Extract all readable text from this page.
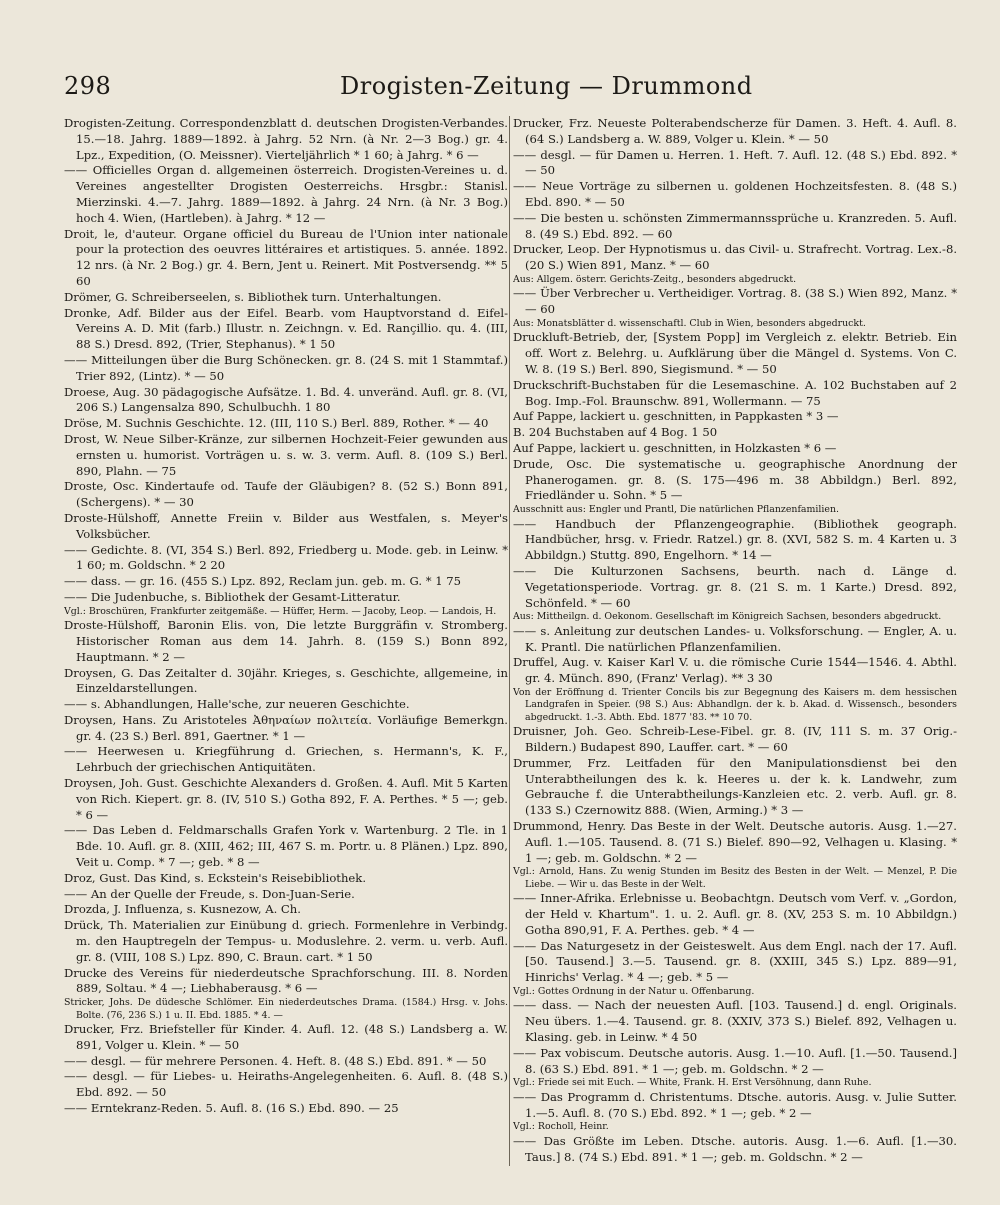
298	Drogisten-Zeitung — Drummond

Drogisten-Zeitung. Correspondenzblatt d. deutschen Drogisten-Verbandes. 15.—18. Jahrg. 1889—1892. à Jahrg. 52 Nrn. (à Nr. 2—3 Bog.) gr. 4. Lpz., Expedition, (O. Meissner). Vierteljährlich * 1 60; à Jahrg. * 6 —

—— Officielles Organ d. allgemeinen österreich. Drogisten-Vereines u. d. Vereines angestellter Drogisten Oesterreichs. Hrsgbr.: Stanisl. Mierzinski. 4.—7. Jahrg. 1889—1892. à Jahrg. 24 Nrn. (à Nr. 3 Bog.) hoch 4. Wien, (Hartleben). à Jahrg. * 12 —

Droit, le, d'auteur. Organe officiel du Bureau de l'Union inter nationale pour la protection des oeuvres littéraires et artistiques. 5. année. 1892. 12 nrs. (à Nr. 2 Bog.) gr. 4. Bern, Jent u. Reinert. Mit Postversendg. ** 5 60

Drömer, G. Schreiberseelen, s. Bibliothek turn. Unterhaltungen.

Dronke, Adf. Bilder aus der Eifel. Bearb. vom Hauptvorstand d. Eifel-Vereins A. D. Mit (farb.) Illustr. n. Zeichngn. v. Ed. Rançillio. qu. 4. (III, 88 S.) Dresd. 892, (Trier, Stephanus). * 1 50

—— Mitteilungen über die Burg Schönecken. gr. 8. (24 S. mit 1 Stammtaf.) Trier 892, (Lintz). * — 50

Droese, Aug. 30 pädagogische Aufsätze. 1. Bd. 4. unveränd. Aufl. gr. 8. (VI, 206 S.) Langensalza 890, Schulbuchh. 1 80

Dröse, M. Suchnis Geschichte. 12. (III, 110 S.) Berl. 889, Rother. * — 40

Drost, W. Neue Silber-Kränze, zur silbernen Hochzeit-Feier gewunden aus ernsten u. humorist. Vorträgen u. s. w. 3. verm. Aufl. 8. (109 S.) Berl. 890, Plahn. — 75

Droste, Osc. Kindertaufe od. Taufe der Gläubigen? 8. (52 S.) Bonn 891, (Schergens). * — 30

Droste-Hülshoff, Annette Freiin v. Bilder aus Westfalen, s. Meyer's Volksbücher.

—— Gedichte. 8. (VI, 354 S.) Berl. 892, Friedberg u. Mode. geb. in Leinw. * 1 60; m. Goldschn. * 2 20

—— dass. — gr. 16. (455 S.) Lpz. 892, Reclam jun. geb. m. G. * 1 75

—— Die Judenbuche, s. Bibliothek der Gesamt-Litteratur.

Vgl.: Broschüren, Frankfurter zeitgemäße. — Hüffer, Herm. — Jacoby, Leop. — Landois, H.

Droste-Hülshoff, Baronin Elis. von, Die letzte Burggräfin v. Stromberg. Historischer Roman aus dem 14. Jahrh. 8. (159 S.) Bonn 892, Hauptmann. * 2 —

Droysen, G. Das Zeitalter d. 30jähr. Krieges, s. Geschichte, allgemeine, in Einzeldarstellungen.

—— s. Abhandlungen, Halle'sche, zur neueren Geschichte.

Droysen, Hans. Zu Aristoteles Ἀθηναίων πολιτεία. Vorläufige Bemerkgn. gr. 4. (23 S.) Berl. 891, Gaertner. * 1 —

—— Heerwesen u. Kriegführung d. Griechen, s. Hermann's, K. F., Lehrbuch der griechischen Antiquitäten.

Droysen, Joh. Gust. Geschichte Alexanders d. Großen. 4. Aufl. Mit 5 Karten von Rich. Kiepert. gr. 8. (IV, 510 S.) Gotha 892, F. A. Perthes. * 5 —; geb. * 6 —

—— Das Leben d. Feldmarschalls Grafen York v. Wartenburg. 2 Tle. in 1 Bde. 10. Aufl. gr. 8. (XIII, 462; III, 467 S. m. Portr. u. 8 Plänen.) Lpz. 890, Veit u. Comp. * 7 —; geb. * 8 —

Droz, Gust. Das Kind, s. Eckstein's Reisebibliothek.

—— An der Quelle der Freude, s. Don-Juan-Serie.

Drozda, J. Influenza, s. Kusnezow, A. Ch.

Drück, Th. Materialien zur Einübung d. griech. Formenlehre in Verbindg. m. den Hauptregeln der Tempus- u. Moduslehre. 2. verm. u. verb. Aufl. gr. 8. (VIII, 108 S.) Lpz. 890, C. Braun. cart. * 1 50

Drucke des Vereins für niederdeutsche Sprachforschung. III. 8. Norden 889, Soltau. * 4 —; Liebhaberausg. * 6 —

Stricker, Johs. De düdesche Schlömer. Ein niederdeutsches Drama. (1584.) Hrsg. v. Johs. Bolte. (76, 236 S.) 1 u. II. Ebd. 1885. * 4. —

Drucker, Frz. Briefsteller für Kinder. 4. Aufl. 12. (48 S.) Landsberg a. W. 891, Volger u. Klein. * — 50

—— desgl. — für mehrere Personen. 4. Heft. 8. (48 S.) Ebd. 891. * — 50

—— desgl. — für Liebes- u. Heiraths-Angelegenheiten. 6. Aufl. 8. (48 S.) Ebd. 892. — 50

—— Erntekranz-Reden. 5. Aufl. 8. (16 S.) Ebd. 890. — 25

Drucker, Frz. Neueste Polterabendscherze für Damen. 3. Heft. 4. Aufl. 8. (64 S.) Landsberg a. W. 889, Volger u. Klein. * — 50

—— desgl. — für Damen u. Herren. 1. Heft. 7. Aufl. 12. (48 S.) Ebd. 892. * — 50

—— Neue Vorträge zu silbernen u. goldenen Hochzeitsfesten. 8. (48 S.) Ebd. 890. * — 50

—— Die besten u. schönsten Zimmermannssprüche u. Kranzreden. 5. Aufl. 8. (49 S.) Ebd. 892. — 60

Drucker, Leop. Der Hypnotismus u. das Civil- u. Strafrecht. Vortrag. Lex.-8. (20 S.) Wien 891, Manz. * — 60

Aus: Allgem. österr. Gerichts-Zeitg., besonders abgedruckt.

—— Über Verbrecher u. Vertheidiger. Vortrag. 8. (38 S.) Wien 892, Manz. * — 60

Aus: Monatsblätter d. wissenschaftl. Club in Wien, besonders abgedruckt.

Druckluft-Betrieb, der, [System Popp] im Vergleich z. elektr. Betrieb. Ein off. Wort z. Belehrg. u. Aufklärung über die Mängel d. Systems. Von C. W. 8. (19 S.) Berl. 890, Siegismund. * — 50

Druckschrift-Buchstaben für die Lesemaschine. A. 102 Buchstaben auf 2 Bog. Imp.-Fol. Braunschw. 891, Wollermann. — 75

Auf Pappe, lackiert u. geschnitten, in Pappkasten * 3 —

B. 204 Buchstaben auf 4 Bog. 1 50

Auf Pappe, lackiert u. geschnitten, in Holzkasten * 6 —

Drude, Osc. Die systematische u. geographische Anordnung der Phanerogamen. gr. 8. (S. 175—496 m. 38 Abbildgn.) Berl. 892, Friedländer u. Sohn. * 5 —

Ausschnitt aus: Engler und Prantl, Die natürlichen Pflanzenfamilien.

—— Handbuch der Pflanzengeographie. (Bibliothek geograph. Handbücher, hrsg. v. Friedr. Ratzel.) gr. 8. (XVI, 582 S. m. 4 Karten u. 3 Abbildgn.) Stuttg. 890, Engelhorn. * 14 —

—— Die Kulturzonen Sachsens, beurth. nach d. Länge d. Vegetationsperiode. Vortrag. gr. 8. (21 S. m. 1 Karte.) Dresd. 892, Schönfeld. * — 60

Aus: Mittheilgn. d. Oekonom. Gesellschaft im Königreich Sachsen, besonders abgedruckt.

—— s. Anleitung zur deutschen Landes- u. Volksforschung. — Engler, A. u. K. Prantl. Die natürlichen Pflanzenfamilien.

Druffel, Aug. v. Kaiser Karl V. u. die römische Curie 1544—1546. 4. Abthl. gr. 4. Münch. 890, (Franz' Verlag). ** 3 30

Von der Eröffnung d. Trienter Concils bis zur Begegnung des Kaisers m. dem hessischen Landgrafen in Speier. (98 S.) Aus: Abhandlgn. der k. b. Akad. d. Wissensch., besonders abgedruckt. 1.-3. Abth. Ebd. 1877 '83. ** 10 70.

Druisner, Joh. Geo. Schreib-Lese-Fibel. gr. 8. (IV, 111 S. m. 37 Orig.-Bildern.) Budapest 890, Lauffer. cart. * — 60

Drummer, Frz. Leitfaden für den Manipulationsdienst bei den Unterabtheilungen des k. k. Heeres u. der k. k. Landwehr, zum Gebrauche f. die Unterabtheilungs-Kanzleien etc. 2. verb. Aufl. gr. 8. (133 S.) Czernowitz 888. (Wien, Arming.) * 3 —

Drummond, Henry. Das Beste in der Welt. Deutsche autoris. Ausg. 1.—27. Aufl. 1.—105. Tausend. 8. (71 S.) Bielef. 890—92, Velhagen u. Klasing. * 1 —; geb. m. Goldschn. * 2 —

Vgl.: Arnold, Hans. Zu wenig Stunden im Besitz des Besten in der Welt. — Menzel, P. Die Liebe. — Wir u. das Beste in der Welt.

—— Inner-Afrika. Erlebnisse u. Beobachtgn. Deutsch vom Verf. v. „Gordon, der Held v. Khartum". 1. u. 2. Aufl. gr. 8. (XV, 253 S. m. 10 Abbildgn.) Gotha 890,91, F. A. Perthes. geb. * 4 —

—— Das Naturgesetz in der Geisteswelt. Aus dem Engl. nach der 17. Aufl. [50. Tausend.] 3.—5. Tausend. gr. 8. (XXIII, 345 S.) Lpz. 889—91, Hinrichs' Verlag. * 4 —; geb. * 5 —

Vgl.: Gottes Ordnung in der Natur u. Offenbarung.

—— dass. — Nach der neuesten Aufl. [103. Tausend.] d. engl. Originals. Neu übers. 1.—4. Tausend. gr. 8. (XXIV, 373 S.) Bielef. 892, Velhagen u. Klasing. geb. in Leinw. * 4 50

—— Pax vobiscum. Deutsche autoris. Ausg. 1.—10. Aufl. [1.—50. Tausend.] 8. (63 S.) Ebd. 891. * 1 —; geb. m. Goldschn. * 2 —

Vgl.: Friede sei mit Euch. — White, Frank. H. Erst Versöhnung, dann Ruhe.

—— Das Programm d. Christentums. Dtsche. autoris. Ausg. v. Julie Sutter. 1.—5. Aufl. 8. (70 S.) Ebd. 892. * 1 —; geb. * 2 —

Vgl.: Rocholl, Heinr.

—— Das Größte im Leben. Dtsche. autoris. Ausg. 1.—6. Aufl. [1.—30. Taus.] 8. (74 S.) Ebd. 891. * 1 —; geb. m. Goldschn. * 2 —
